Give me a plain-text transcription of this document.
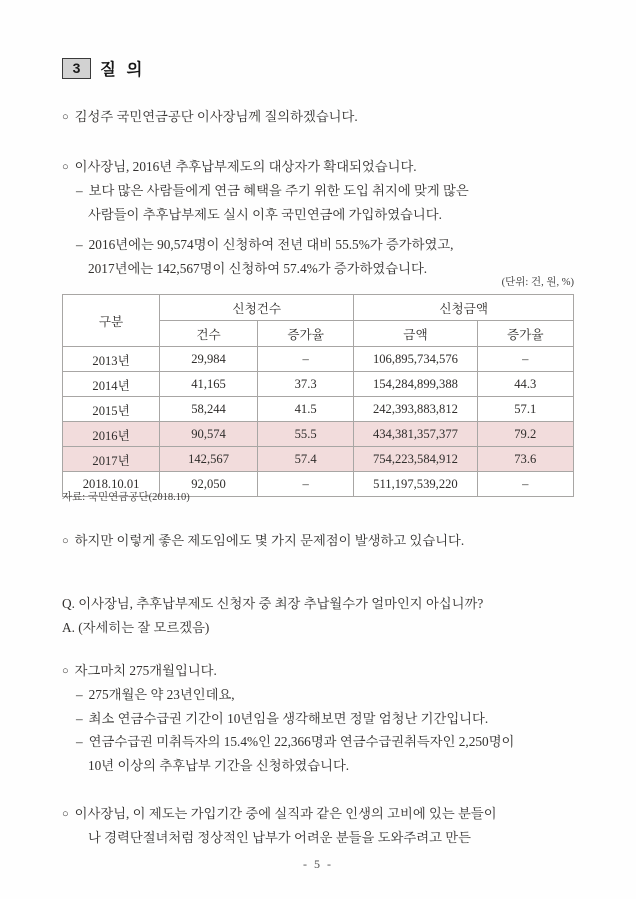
3	질 의
○ 김성주 국민연금공단 이사장님께 질의하겠습니다.
○ 이사장님, 2016년 추후납부제도의 대상자가 확대되었습니다.
– 보다 많은 사람들에게 연금 혜택을 주기 위한 도입 취지에 맞게 많은
사람들이 추후납부제도 실시 이후 국민연금에 가입하였습니다.
– 2016년에는 90,574명이 신청하여 전년 대비 55.5%가 증가하였고,
2017년에는 142,567명이 신청하여 57.4%가 증가하였습니다.
(단위: 건, 원, %)
구분	신청건수		신청금액	
	건수	증가율	금액	증가율
2013년	29,984	–	106,895,734,576	–
2014년	41,165	37.3	154,284,899,388	44.3
2015년	58,244	41.5	242,393,883,812	57.1
2016년	90,574	55.5	434,381,357,377	79.2
2017년	142,567	57.4	754,223,584,912	73.6
2018.10.01	92,050	–	511,197,539,220	–
자료: 국민연금공단(2018.10)
○ 하지만 이렇게 좋은 제도임에도 몇 가지 문제점이 발생하고 있습니다.
Q. 이사장님, 추후납부제도 신청자 중 최장 추납월수가 얼마인지 아십니까?
A. (자세히는 잘 모르겠음)
○ 자그마치 275개월입니다.
– 275개월은 약 23년인데요,
– 최소 연금수급권 기간이 10년임을 생각해보면 정말 엄청난 기간입니다.
– 연금수급권 미취득자의 15.4%인 22,366명과 연금수급권취득자인 2,250명이
10년 이상의 추후납부 기간을 신청하였습니다.
○ 이사장님, 이 제도는 가입기간 중에 실직과 같은 인생의 고비에 있는 분들이
나 경력단절녀처럼 정상적인 납부가 어려운 분들을 도와주려고 만든
- 5 -
